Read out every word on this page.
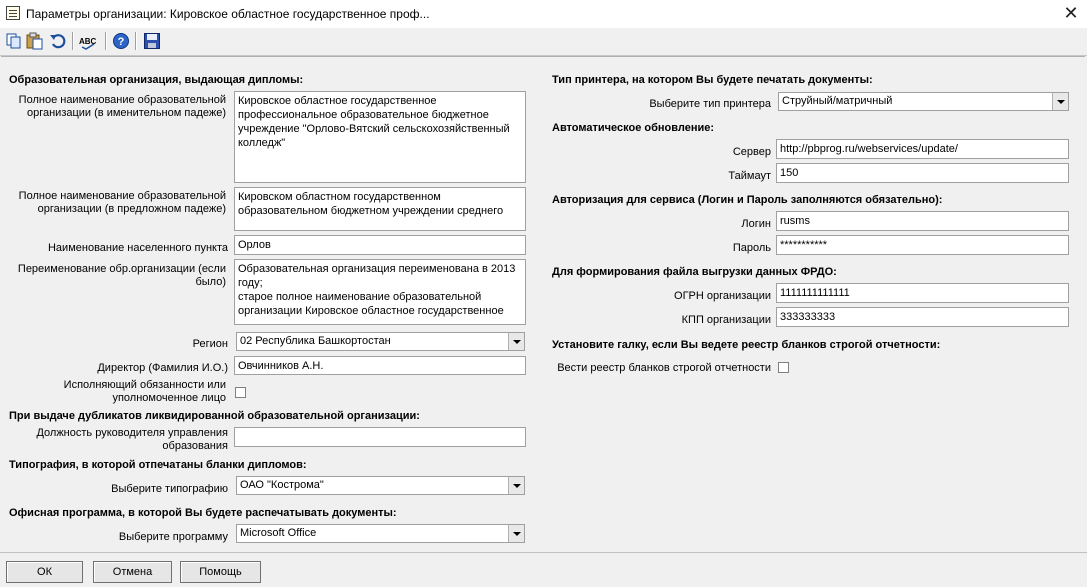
Параметры организации: Кировское областное государственное проф...	✕
ABC ?
Образовательная организация, выдающая дипломы:
Полное наименование образовательной организации (в именительном падеже)
Кировское областное государственное профессиональное образовательное бюджетное учреждение "Орлово-Вятский сельскохозяйственный колледж"
Полное наименование образовательной организации (в предложном падеже)
Кировском областном государственном образовательном бюджетном учреждении среднего
Наименование населенного пункта Орлов
Переименование обр.организации (если было)
Образовательная организация переименована в 2013 году;
старое полное наименование образовательной организации Кировское областное государственное
Регион	02 Республика Башкортостан
Директор (Фамилия И.О.) Овчинников А.Н.
Исполняющий обязанности или уполномоченное лицо
При выдаче дубликатов ликвидированной образовательной организации:
Должность руководителя управления образования
Типография, в которой отпечатаны бланки дипломов:
Выберите типографию	ОАО "Кострома"
Офисная программа, в которой Вы будете распечатывать документы:
Выберите программу	Microsoft Office
Тип принтера, на котором Вы будете печатать документы:
Выберите тип принтера	Струйный/матричный
Автоматическое обновление:
Сервер http://pbprog.ru/webservices/update/
Таймаут 150
Авторизация для сервиса (Логин и Пароль заполняются обязательно):
Логин rusms
Пароль ***********
Для формирования файла выгрузки данных ФРДО:
ОГРН организации 1111111111111
КПП организации 333333333
Установите галку, если Вы ведете реестр бланков строгой отчетности:
Вести реестр бланков строгой отчетности
ОК	Отмена	Помощь
